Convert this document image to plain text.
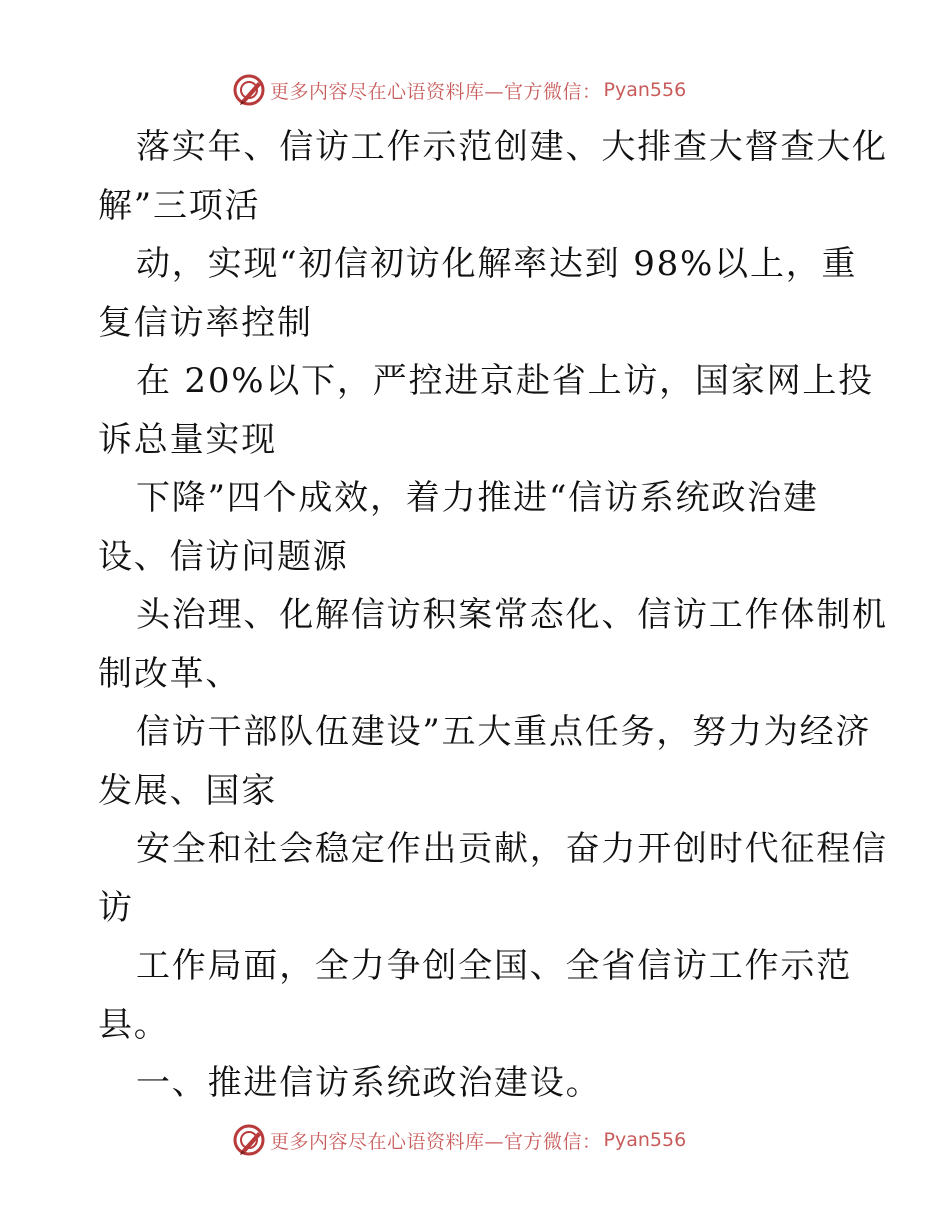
更多内容尽在心语资料库—官方微信： Pyan556
落实年、信访工作示范创建、大排查大督查大化
解”三项活
动，实现“初信初访化解率达到 98%以上，重
复信访率控制
在 20%以下，严控进京赴省上访，国家网上投
诉总量实现
下降”四个成效，着力推进“信访系统政治建
设、信访问题源
头治理、化解信访积案常态化、信访工作体制机
制改革、
信访干部队伍建设”五大重点任务，努力为经济
发展、国家
安全和社会稳定作出贡献，奋力开创时代征程信
访
工作局面，全力争创全国、全省信访工作示范
县。
一、推进信访系统政治建设。
更多内容尽在心语资料库—官方微信： Pyan556
